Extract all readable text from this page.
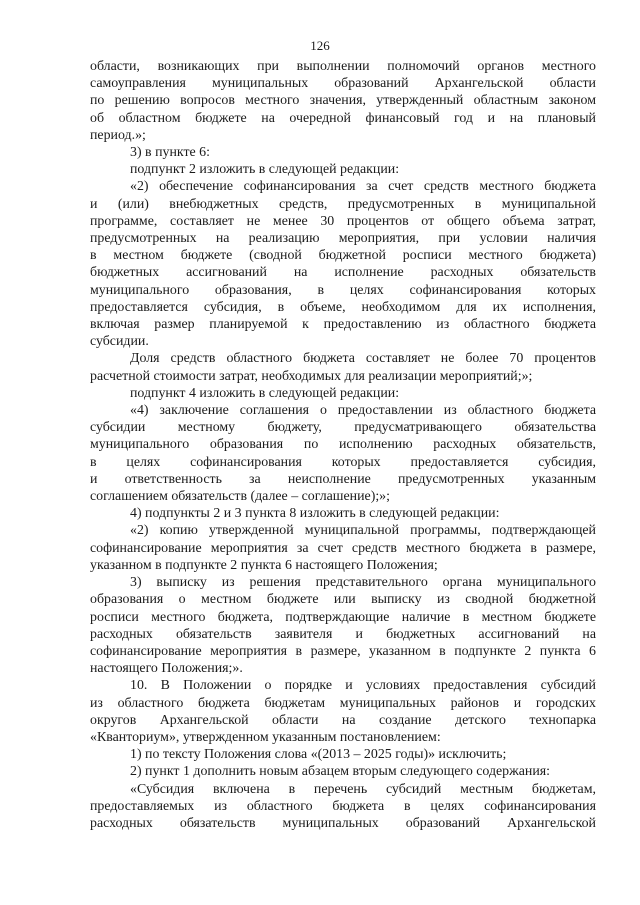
126

области, возникающих при выполнении полномочий органов местного

самоуправления муниципальных образований Архангельской области

по решению вопросов местного значения, утвержденный областным законом

об областном бюджете на очередной финансовый год и на плановый

период.»;

3) в пункте 6:

подпункт 2 изложить в следующей редакции:

«2) обеспечение софинансирования за счет средств местного бюджета

и (или) внебюджетных средств, предусмотренных в муниципальной

программе, составляет не менее 30 процентов от общего объема затрат,

предусмотренных на реализацию мероприятия, при условии наличия

в местном бюджете (сводной бюджетной росписи местного бюджета)

бюджетных ассигнований на исполнение расходных обязательств

муниципального образования, в целях софинансирования которых

предоставляется субсидия, в объеме, необходимом для их исполнения,

включая размер планируемой к предоставлению из областного бюджета

субсидии.

Доля средств областного бюджета составляет не более 70 процентов

расчетной стоимости затрат, необходимых для реализации мероприятий;»;

подпункт 4 изложить в следующей редакции:

«4) заключение соглашения о предоставлении из областного бюджета

субсидии местному бюджету, предусматривающего обязательства

муниципального образования по исполнению расходных обязательств,

в целях софинансирования которых предоставляется субсидия,

и ответственность за неисполнение предусмотренных указанным

соглашением обязательств (далее – соглашение);»;

4) подпункты 2 и 3 пункта 8 изложить в следующей редакции:

«2) копию утвержденной муниципальной программы, подтверждающей

софинансирование мероприятия за счет средств местного бюджета в размере,

указанном в подпункте 2 пункта 6 настоящего Положения;

3) выписку из решения представительного органа муниципального

образования о местном бюджете или выписку из сводной бюджетной

росписи местного бюджета, подтверждающие наличие в местном бюджете

расходных обязательств заявителя и бюджетных ассигнований на

софинансирование мероприятия в размере, указанном в подпункте 2 пункта 6

настоящего Положения;».

10. В Положении о порядке и условиях предоставления субсидий

из областного бюджета бюджетам муниципальных районов и городских

округов Архангельской области на создание детского технопарка

«Кванториум», утвержденном указанным постановлением:

1) по тексту Положения слова «(2013 – 2025 годы)» исключить;

2) пункт 1 дополнить новым абзацем вторым следующего содержания:

«Субсидия включена в перечень субсидий местным бюджетам,

предоставляемых из областного бюджета в целях софинансирования

расходных обязательств муниципальных образований Архангельской
